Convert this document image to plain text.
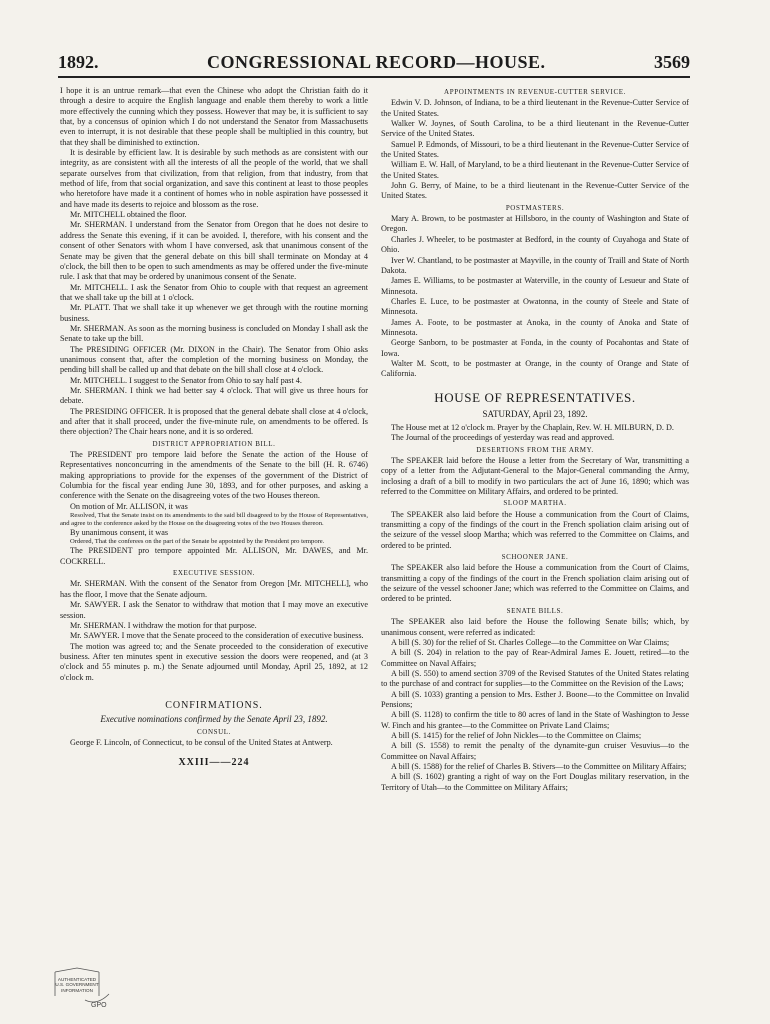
1892.	CONGRESSIONAL RECORD—HOUSE.	3569

I hope it is an untrue remark—that even the Chinese who adopt the Christian faith do it through a desire to acquire the English language and enable them thereby to work a little more effectively the cunning which they possess. However that may be, it is sufficient to say that, by a concensus of opinion which I do not understand the Senator from Massachusetts even to interrupt, it is not desirable that these people shall be multiplied in this country, but that they shall be diminished to extinction.

It is desirable by efficient law. It is desirable by such methods as are consistent with our integrity, as are consistent with all the interests of all the people of the world, that we shall separate ourselves from that civilization, from that religion, from that industry, from that method of life, from that social organization, and save this continent at least to those peoples who heretofore have made it a continent of homes who in noble aspiration have possessed it and have made its deserts to rejoice and blossom as the rose.

Mr. MITCHELL obtained the floor.

Mr. SHERMAN. I understand from the Senator from Oregon that he does not desire to address the Senate this evening, if it can be avoided. I, therefore, with his consent and the consent of other Senators with whom I have conversed, ask that unanimous consent of the Senate may be given that the general debate on this bill shall terminate on Monday at 4 o'clock, the bill then to be open to such amendments as may be offered under the five-minute rule. I ask that that may be ordered by unanimous consent of the Senate.

Mr. MITCHELL. I ask the Senator from Ohio to couple with that request an agreement that we shall take up the bill at 1 o'clock.

Mr. PLATT. That we shall take it up whenever we get through with the routine morning business.

Mr. SHERMAN. As soon as the morning business is concluded on Monday I shall ask the Senate to take up the bill.

The PRESIDING OFFICER (Mr. DIXON in the Chair). The Senator from Ohio asks unanimous consent that, after the completion of the morning business on Monday, the pending bill shall be called up and that debate on the bill shall close at 4 o'clock.

Mr. MITCHELL. I suggest to the Senator from Ohio to say half past 4.

Mr. SHERMAN. I think we had better say 4 o'clock. That will give us three hours for debate.

The PRESIDING OFFICER. It is proposed that the general debate shall close at 4 o'clock, and after that it shall proceed, under the five-minute rule, on amendments to be offered. Is there objection? The Chair hears none, and it is so ordered.

DISTRICT APPROPRIATION BILL.

The PRESIDENT pro tempore laid before the Senate the action of the House of Representatives nonconcurring in the amendments of the Senate to the bill (H. R. 6746) making appropriations to provide for the expenses of the government of the District of Columbia for the fiscal year ending June 30, 1893, and for other purposes, and asking a conference with the Senate on the disagreeing votes of the two Houses thereon.

On motion of Mr. ALLISON, it was

Resolved, That the Senate insist on its amendments to the said bill disagreed to by the House of Representatives, and agree to the conference asked by the House on the disagreeing votes of the two Houses thereon.

By unanimous consent, it was

Ordered, That the conferees on the part of the Senate be appointed by the President pro tempore.

The PRESIDENT pro tempore appointed Mr. ALLISON, Mr. DAWES, and Mr. COCKRELL.

EXECUTIVE SESSION.

Mr. SHERMAN. With the consent of the Senator from Oregon [Mr. MITCHELL], who has the floor, I move that the Senate adjourn.

Mr. SAWYER. I ask the Senator to withdraw that motion that I may move an executive session.

Mr. SHERMAN. I withdraw the motion for that purpose.

Mr. SAWYER. I move that the Senate proceed to the consideration of executive business.

The motion was agreed to; and the Senate proceeded to the consideration of executive business. After ten minutes spent in executive session the doors were reopened, and (at 3 o'clock and 55 minutes p. m.) the Senate adjourned until Monday, April 25, 1892, at 12 o'clock m.

CONFIRMATIONS.

Executive nominations confirmed by the Senate April 23, 1892.

CONSUL.

George F. Lincoln, of Connecticut, to be consul of the United States at Antwerp.

XXIII——224

APPOINTMENTS IN REVENUE-CUTTER SERVICE.

Edwin V. D. Johnson, of Indiana, to be a third lieutenant in the Revenue-Cutter Service of the United States.

Walker W. Joynes, of South Carolina, to be a third lieutenant in the Revenue-Cutter Service of the United States.

Samuel P. Edmonds, of Missouri, to be a third lieutenant in the Revenue-Cutter Service of the United States.

William E. W. Hall, of Maryland, to be a third lieutenant in the Revenue-Cutter Service of the United States.

John G. Berry, of Maine, to be a third lieutenant in the Revenue-Cutter Service of the United States.

POSTMASTERS.

Mary A. Brown, to be postmaster at Hillsboro, in the county of Washington and State of Oregon.

Charles J. Wheeler, to be postmaster at Bedford, in the county of Cuyahoga and State of Ohio.

Iver W. Chantland, to be postmaster at Mayville, in the county of Traill and State of North Dakota.

James E. Williams, to be postmaster at Waterville, in the county of Lesueur and State of Minnesota.

Charles E. Luce, to be postmaster at Owatonna, in the county of Steele and State of Minnesota.

James A. Foote, to be postmaster at Anoka, in the county of Anoka and State of Minnesota.

George Sanborn, to be postmaster at Fonda, in the county of Pocahontas and State of Iowa.

Walter M. Scott, to be postmaster at Orange, in the county of Orange and State of California.

HOUSE OF REPRESENTATIVES.

SATURDAY, April 23, 1892.

The House met at 12 o'clock m. Prayer by the Chaplain, Rev. W. H. MILBURN, D. D.

The Journal of the proceedings of yesterday was read and approved.

DESERTIONS FROM THE ARMY.

The SPEAKER laid before the House a letter from the Secretary of War, transmitting a copy of a letter from the Adjutant-General to the Major-General commanding the Army, inclosing a draft of a bill to modify in two particulars the act of June 16, 1890; which was referred to the Committee on Military Affairs, and ordered to be printed.

SLOOP MARTHA.

The SPEAKER also laid before the House a communication from the Court of Claims, transmitting a copy of the findings of the court in the French spoliation claim arising out of the seizure of the vessel sloop Martha; which was referred to the Committee on Claims, and ordered to be printed.

SCHOONER JANE.

The SPEAKER also laid before the House a communication from the Court of Claims, transmitting a copy of the findings of the court in the French spoliation claim arising out of the seizure of the vessel schooner Jane; which was referred to the Committee on Claims, and ordered to be printed.

SENATE BILLS.

The SPEAKER also laid before the House the following Senate bills; which, by unanimous consent, were referred as indicated:

A bill (S. 30) for the relief of St. Charles College—to the Committee on War Claims;

A bill (S. 204) in relation to the pay of Rear-Admiral James E. Jouett, retired—to the Committee on Naval Affairs;

A bill (S. 550) to amend section 3709 of the Revised Statutes of the United States relating to the purchase of and contract for supplies—to the Committee on the Revision of the Laws;

A bill (S. 1033) granting a pension to Mrs. Esther J. Boone—to the Committee on Invalid Pensions;

A bill (S. 1128) to confirm the title to 80 acres of land in the State of Washington to Jesse W. Finch and his grantee—to the Committee on Private Land Claims;

A bill (S. 1415) for the relief of John Nickles—to the Committee on Claims;

A bill (S. 1558) to remit the penalty of the dynamite-gun cruiser Vesuvius—to the Committee on Naval Affairs;

A bill (S. 1588) for the relief of Charles B. Stivers—to the Committee on Military Affairs;

A bill (S. 1602) granting a right of way on the Fort Douglas military reservation, in the Territory of Utah—to the Committee on Military Affairs;

GPO
AUTHENTICATED
U.S. GOVERNMENT
INFORMATION
